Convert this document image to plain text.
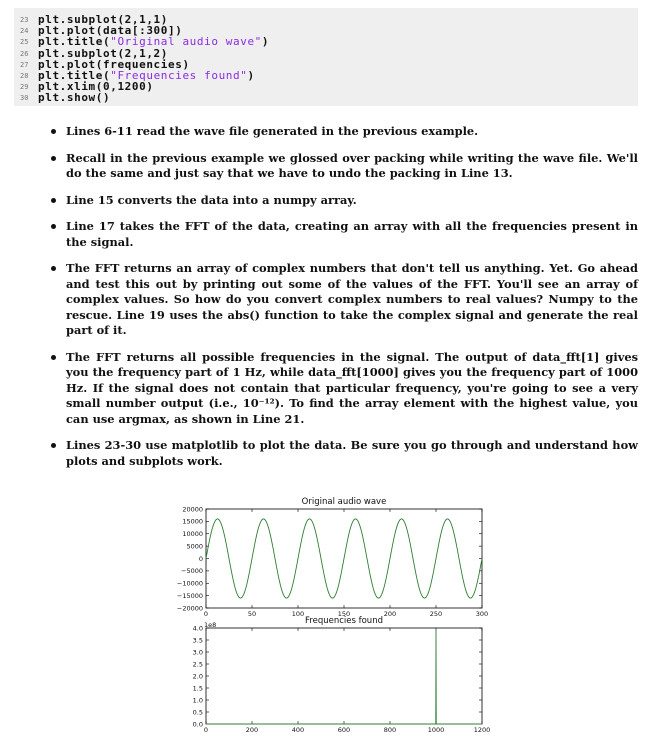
23 plt.subplot(2,1,1)
24 plt.plot(data[:300])
25 plt.title("Original audio wave")
26 plt.subplot(2,1,2)
27 plt.plot(frequencies)
28 plt.title("Frequencies found")
29 plt.xlim(0,1200)
30 plt.show()
Lines 6-11 read the wave file generated in the previous example.
Recall in the previous example we glossed over packing while writing the wave file. We'll do the same and just say that we have to undo the packing in Line 13.
Line 15 converts the data into a numpy array.
Line 17 takes the FFT of the data, creating an array with all the frequencies present in the signal.
The FFT returns an array of complex numbers that don't tell us anything. Yet. Go ahead and test this out by printing out some of the values of the FFT. You'll see an array of complex values. So how do you convert complex numbers to real values? Numpy to the rescue. Line 19 uses the abs() function to take the complex signal and generate the real part of it.
The FFT returns all possible frequencies in the signal. The output of data_fft[1] gives you the frequency part of 1 Hz, while data_fft[1000] gives you the frequency part of 1000 Hz. If the signal does not contain that particular frequency, you're going to see a very small number output (i.e., 10⁻¹²). To find the array element with the highest value, you can use argmax, as shown in Line 21.
Lines 23-30 use matplotlib to plot the data. Be sure you go through and understand how plots and subplots work.
Original audio wave
0	50	100	150	200	250	300
20000
15000
10000
5000
0
−5000
−10000
−15000
−20000
Frequencies found
0	200	400	600	800	1000	1200
4.0
3.5
3.0
2.5
2.0
1.5
1.0
0.5
0.0
1e8
